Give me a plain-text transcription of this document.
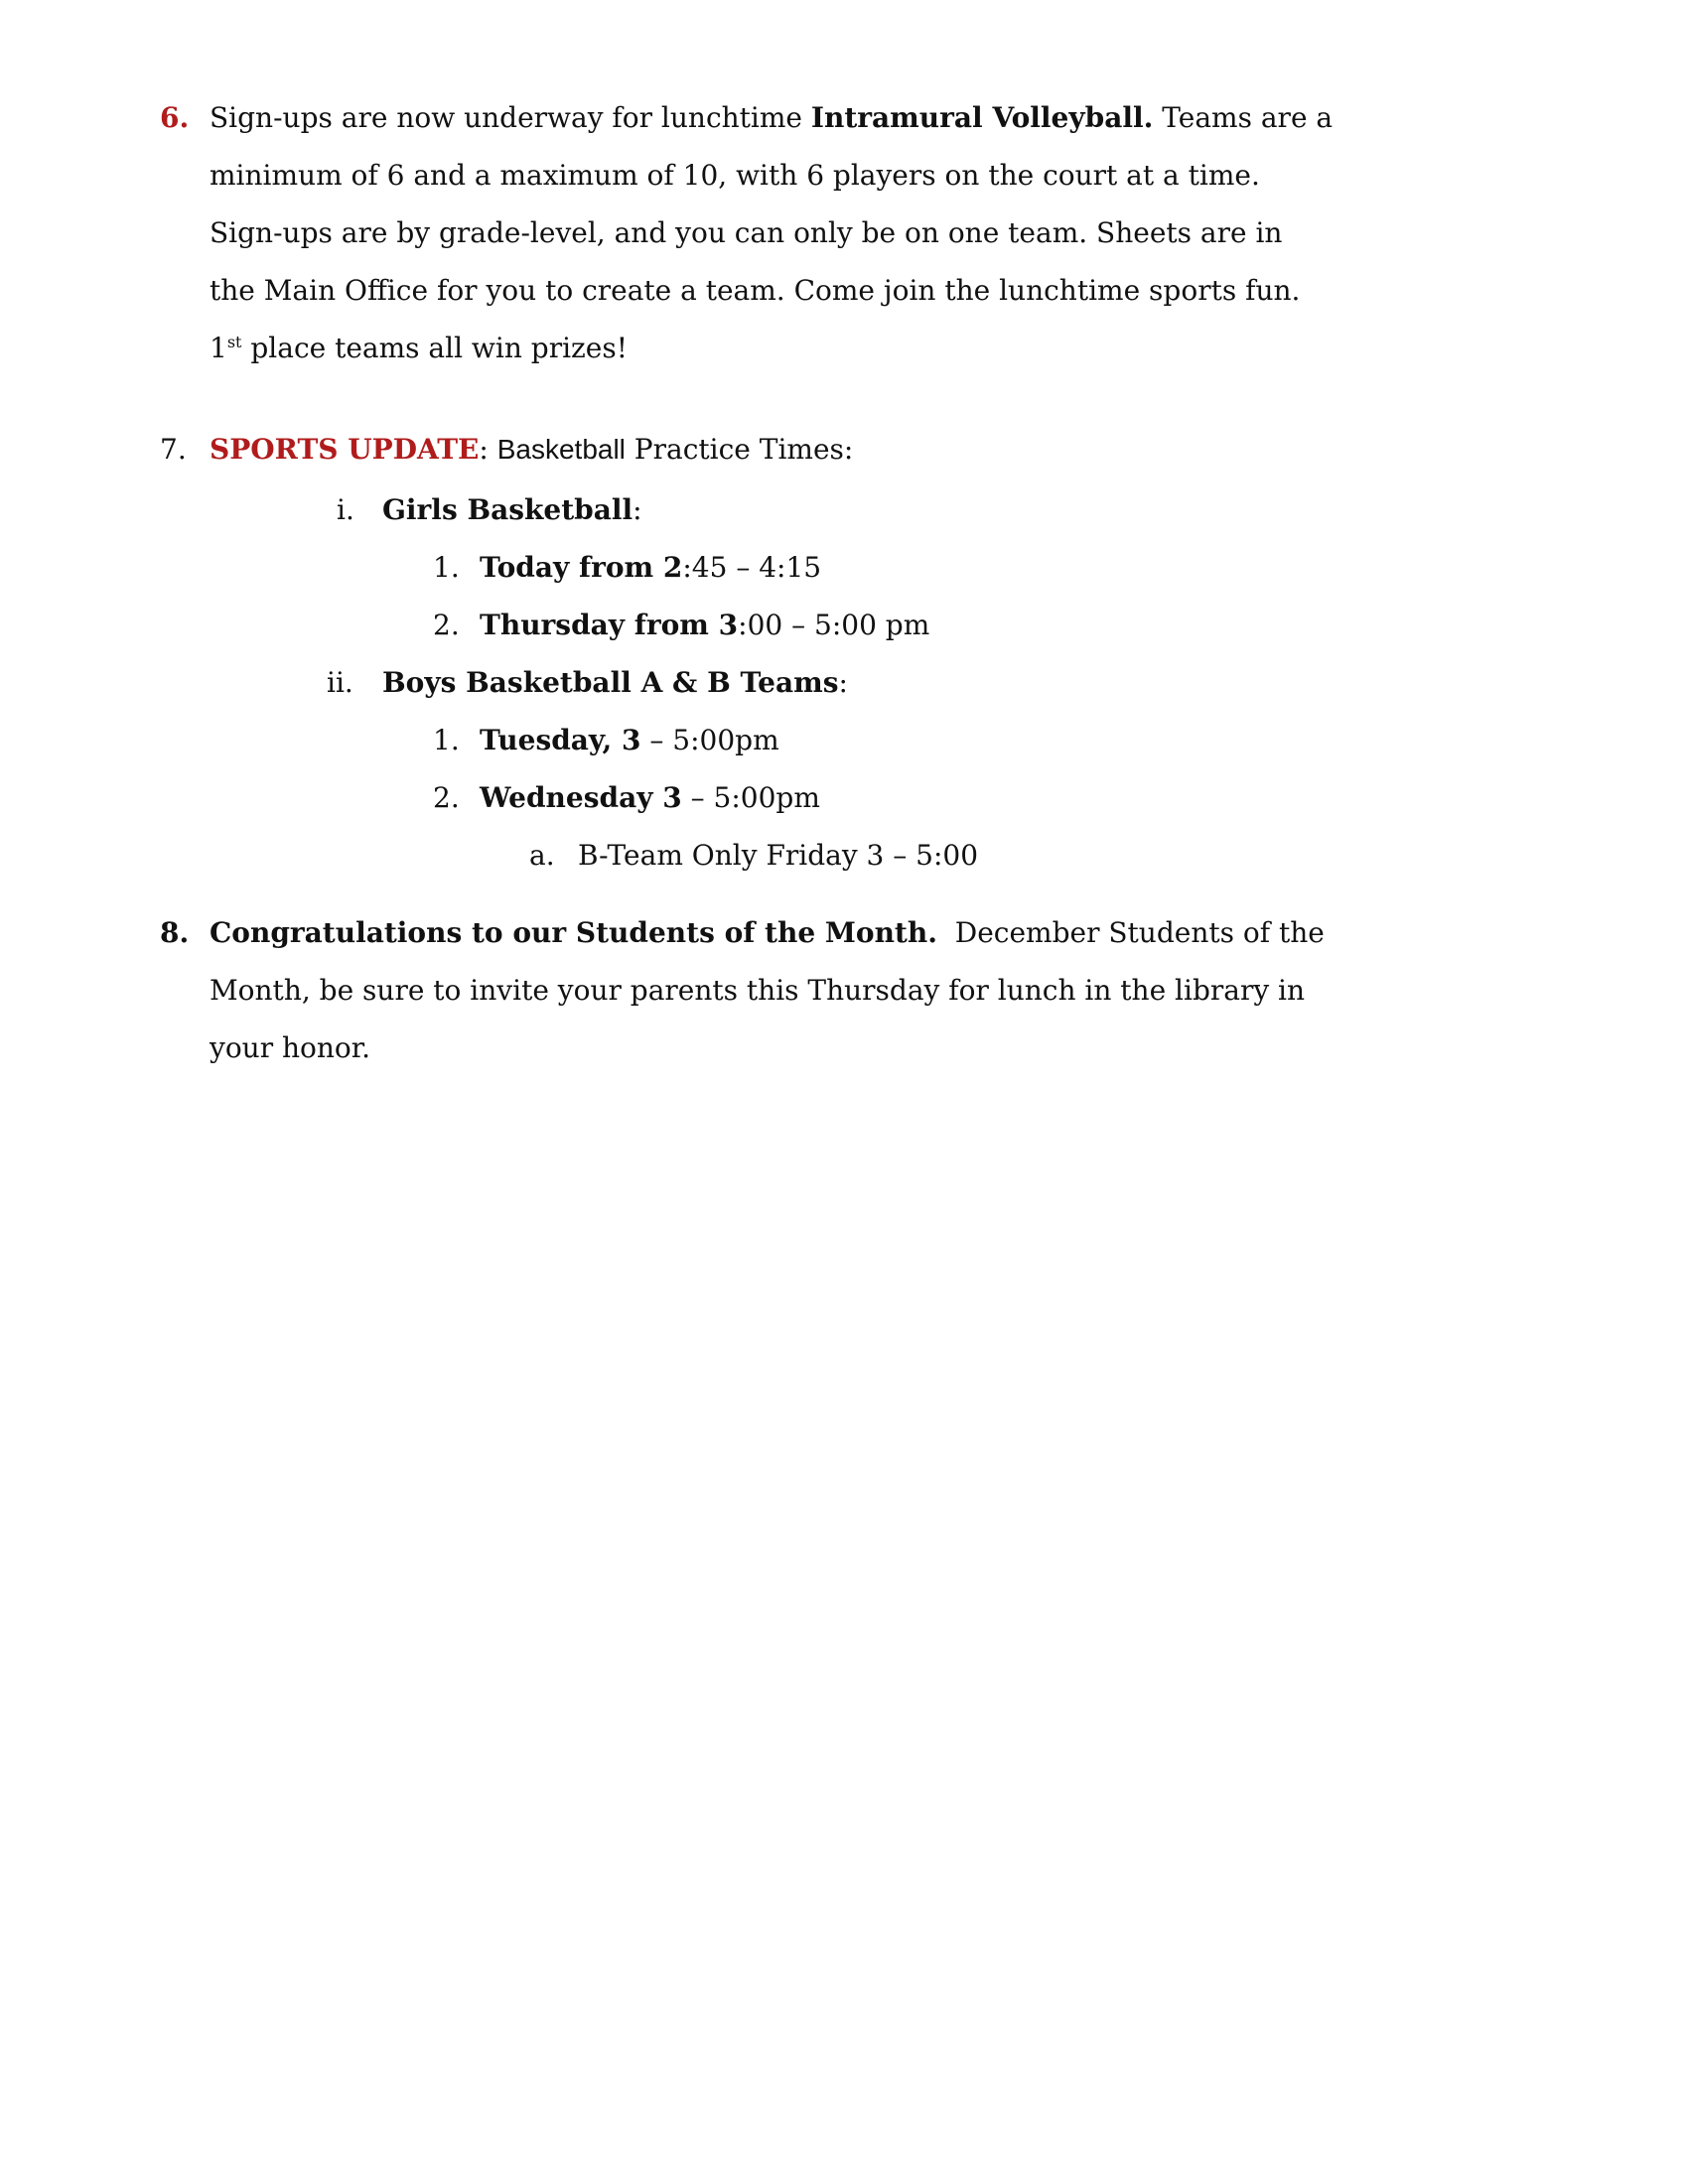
6. Sign-ups are now underway for lunchtime Intramural Volleyball. Teams are a
minimum of 6 and a maximum of 10, with 6 players on the court at a time.
Sign-ups are by grade-level, and you can only be on one team. Sheets are in
the Main Office for you to create a team. Come join the lunchtime sports fun.
1st place teams all win prizes!
7. SPORTS UPDATE: Basketball Practice Times:
i. Girls Basketball:
1. Today from 2:45 – 4:15
2. Thursday from 3:00 – 5:00 pm
ii. Boys Basketball A & B Teams:
1. Tuesday, 3 – 5:00pm
2. Wednesday 3 – 5:00pm
a. B-Team Only Friday 3 – 5:00
8. Congratulations to our Students of the Month.  December Students of the
Month, be sure to invite your parents this Thursday for lunch in the library in
your honor.
